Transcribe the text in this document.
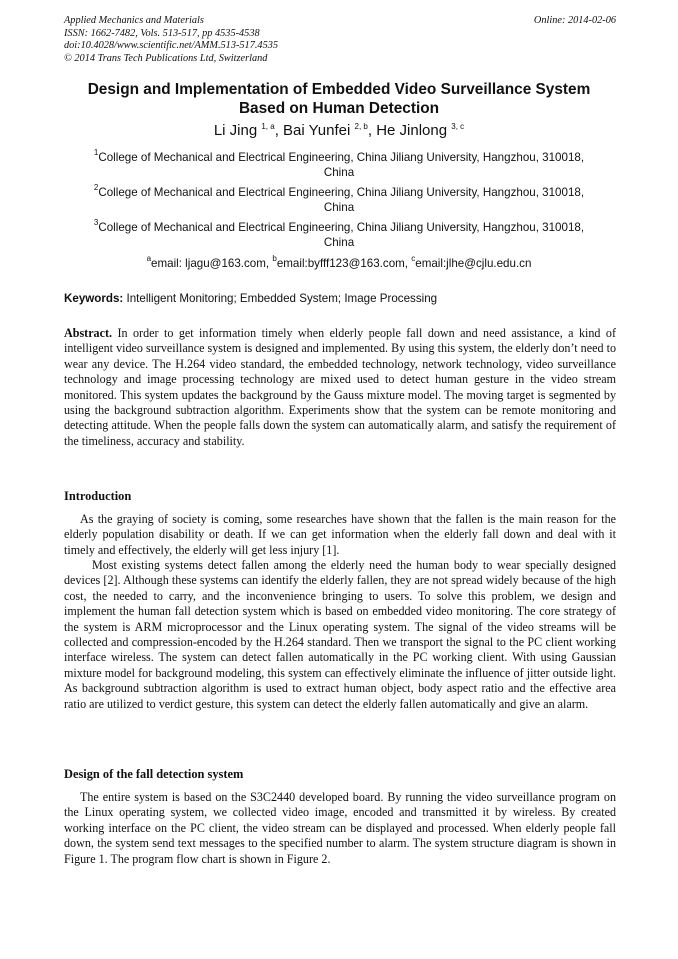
Applied Mechanics and Materials
ISSN: 1662-7482, Vols. 513-517, pp 4535-4538
doi:10.4028/www.scientific.net/AMM.513-517.4535
© 2014 Trans Tech Publications Ltd, Switzerland
Online: 2014-02-06
Design and Implementation of Embedded Video Surveillance System
Based on Human Detection
Li Jing $^{1, a}$, Bai Yunfei $^{2, b}$, He Jinlong $^{3, c}$
$^1$College of Mechanical and Electrical Engineering, China Jiliang University, Hangzhou, 310018,
China
$^2$College of Mechanical and Electrical Engineering, China Jiliang University, Hangzhou, 310018,
China
$^3$College of Mechanical and Electrical Engineering, China Jiliang University, Hangzhou, 310018,
China
$^a$email: ljagu@163.com, $^b$email:byfff123@163.com, $^c$email:jlhe@cjlu.edu.cn
Keywords: Intelligent Monitoring; Embedded System; Image Processing
Abstract. In order to get information timely when elderly people fall down and need assistance, a kind of intelligent video surveillance system is designed and implemented. By using this system, the elderly don’t need to wear any device. The H.264 video standard, the embedded technology, network technology, video surveillance technology and image processing technology are mixed used to detect human gesture in the video stream monitored. This system updates the background by the Gauss mixture model. The moving target is segmented by using the background subtraction algorithm. Experiments show that the system can be remote monitoring and detecting attitude. When the people falls down the system can automatically alarm, and satisfy the requirement of the timeliness, accuracy and stability.
Introduction
As the graying of society is coming, some researches have shown that the fallen is the main reason for the elderly population disability or death. If we can get information when the elderly fall down and deal with it timely and effectively, the elderly will get less injury [1].
Most existing systems detect fallen among the elderly need the human body to wear specially designed devices [2]. Although these systems can identify the elderly fallen, they are not spread widely because of the high cost, the needed to carry, and the inconvenience bringing to users. To solve this problem, we design and implement the human fall detection system which is based on embedded video monitoring. The core strategy of the system is ARM microprocessor and the Linux operating system. The signal of the video streams will be collected and compression-encoded by the H.264 standard. Then we transport the signal to the PC client working interface wireless. The system can detect fallen automatically in the PC working client. With using Gaussian mixture model for background modeling, this system can effectively eliminate the influence of jitter outside light. As background subtraction algorithm is used to extract human object, body aspect ratio and the effective area ratio are utilized to verdict gesture, this system can detect the elderly fallen automatically and give an alarm.
Design of the fall detection system
The entire system is based on the S3C2440 developed board. By running the video surveillance program on the Linux operating system, we collected video image, encoded and transmitted it by wireless. By created working interface on the PC client, the video stream can be displayed and processed. When elderly people fall down, the system send text messages to the specified number to alarm. The system structure diagram is shown in Figure 1. The program flow chart is shown in Figure 2.
